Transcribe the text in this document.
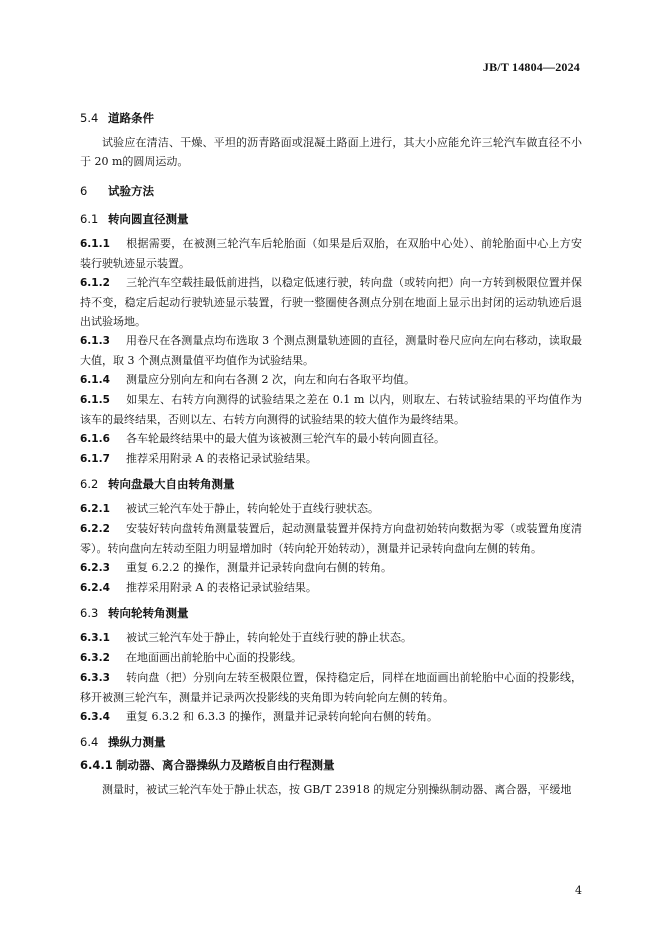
JB/T 14804—2024
5.4 道路条件

试验应在清洁、干燥、平坦的沥青路面或混凝土路面上进行，其大小应能允许三轮汽车做直径不小于 20 m的圆周运动。

6 试验方法
6.1 转向圆直径测量

6.1.1 根据需要，在被测三轮汽车后轮胎面（如果是后双胎，在双胎中心处）、前轮胎面中心上方安装行驶轨迹显示装置。

6.1.2 三轮汽车空载挂最低前进挡，以稳定低速行驶，转向盘（或转向把）向一方转到极限位置并保持不变，稳定后起动行驶轨迹显示装置，行驶一整圈使各测点分别在地面上显示出封闭的运动轨迹后退出试验场地。

6.1.3 用卷尺在各测量点均布选取 3 个测点测量轨迹圆的直径，测量时卷尺应向左向右移动，读取最大值，取 3 个测点测量值平均值作为试验结果。

6.1.4 测量应分别向左和向右各测 2 次，向左和向右各取平均值。

6.1.5 如果左、右转方向测得的试验结果之差在 0.1 m 以内，则取左、右转试验结果的平均值作为该车的最终结果，否则以左、右转方向测得的试验结果的较大值作为最终结果。

6.1.6 各车轮最终结果中的最大值为该被测三轮汽车的最小转向圆直径。

6.1.7 推荐采用附录 A 的表格记录试验结果。

6.2 转向盘最大自由转角测量

6.2.1 被试三轮汽车处于静止，转向轮处于直线行驶状态。

6.2.2 安装好转向盘转角测量装置后，起动测量装置并保持方向盘初始转向数据为零（或装置角度清零）。转向盘向左转动至阻力明显增加时（转向轮开始转动），测量并记录转向盘向左侧的转角。

6.2.3 重复 6.2.2 的操作，测量并记录转向盘向右侧的转角。

6.2.4 推荐采用附录 A 的表格记录试验结果。

6.3 转向轮转角测量

6.3.1 被试三轮汽车处于静止，转向轮处于直线行驶的静止状态。

6.3.2 在地面画出前轮胎中心面的投影线。

6.3.3 转向盘（把）分别向左转至极限位置，保持稳定后，同样在地面画出前轮胎中心面的投影线，移开被测三轮汽车，测量并记录两次投影线的夹角即为转向轮向左侧的转角。

6.3.4 重复 6.3.2 和 6.3.3 的操作，测量并记录转向轮向右侧的转角。

6.4 操纵力测量
6.4.1 制动器、离合器操纵力及踏板自由行程测量

测量时，被试三轮汽车处于静止状态，按 GB/T 23918 的规定分别操纵制动器、离合器，平缓地

4
